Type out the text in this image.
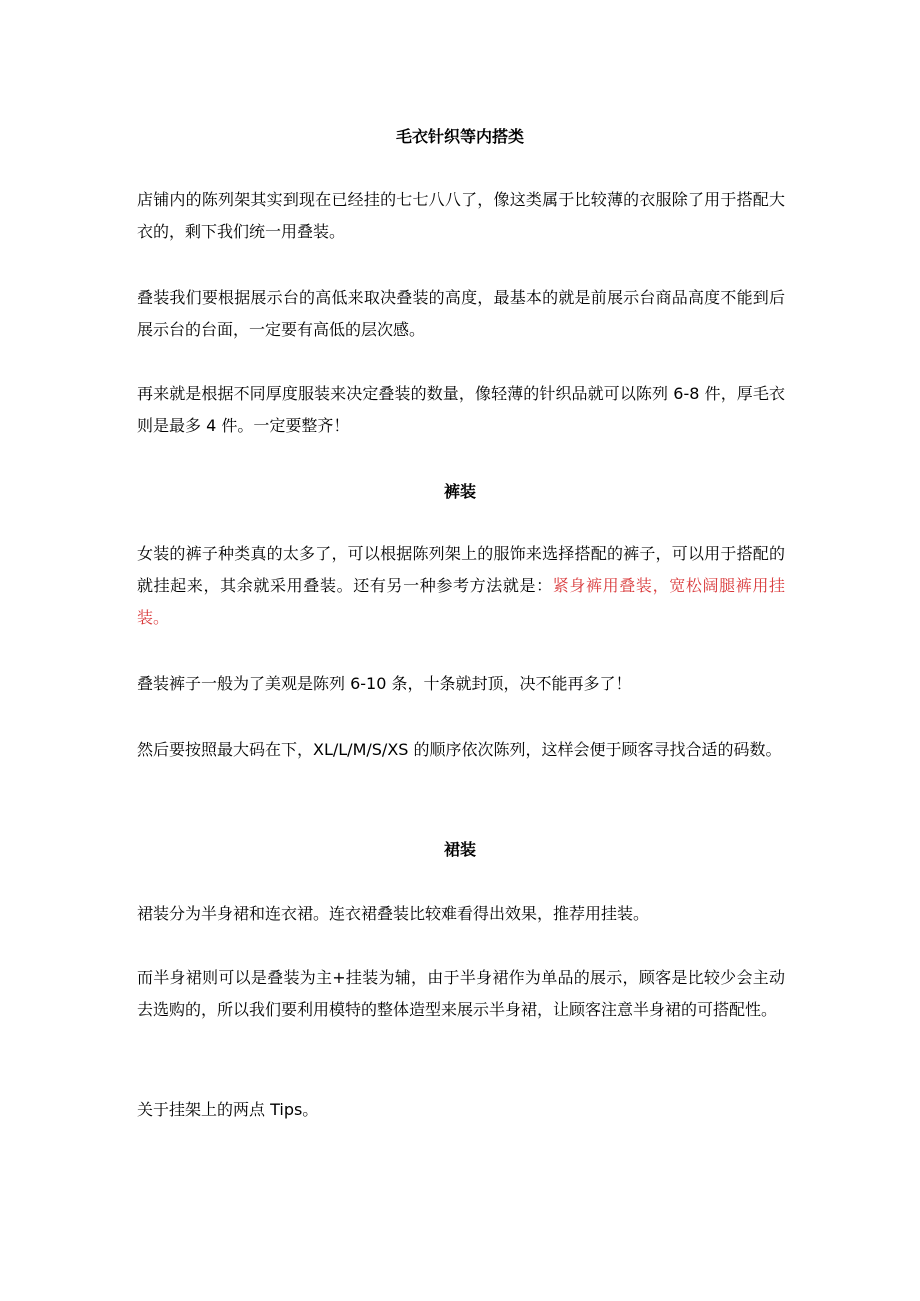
毛衣针织等内搭类

店铺内的陈列架其实到现在已经挂的七七八八了，像这类属于比较薄的衣服除了用于搭配大衣的，剩下我们统一用叠装。

叠装我们要根据展示台的高低来取决叠装的高度，最基本的就是前展示台商品高度不能到后展示台的台面，一定要有高低的层次感。

再来就是根据不同厚度服装来决定叠装的数量，像轻薄的针织品就可以陈列 6-8 件，厚毛衣则是最多 4 件。一定要整齐！

裤装

女装的裤子种类真的太多了，可以根据陈列架上的服饰来选择搭配的裤子，可以用于搭配的就挂起来，其余就采用叠装。还有另一种参考方法就是：紧身裤用叠装，宽松阔腿裤用挂装。

叠装裤子一般为了美观是陈列 6-10 条，十条就封顶，决不能再多了！

然后要按照最大码在下，XL/L/M/S/XS 的顺序依次陈列，这样会便于顾客寻找合适的码数。

裙装

裙装分为半身裙和连衣裙。连衣裙叠装比较难看得出效果，推荐用挂装。

而半身裙则可以是叠装为主+挂装为辅，由于半身裙作为单品的展示，顾客是比较少会主动去选购的，所以我们要利用模特的整体造型来展示半身裙，让顾客注意半身裙的可搭配性。

关于挂架上的两点 Tips。
